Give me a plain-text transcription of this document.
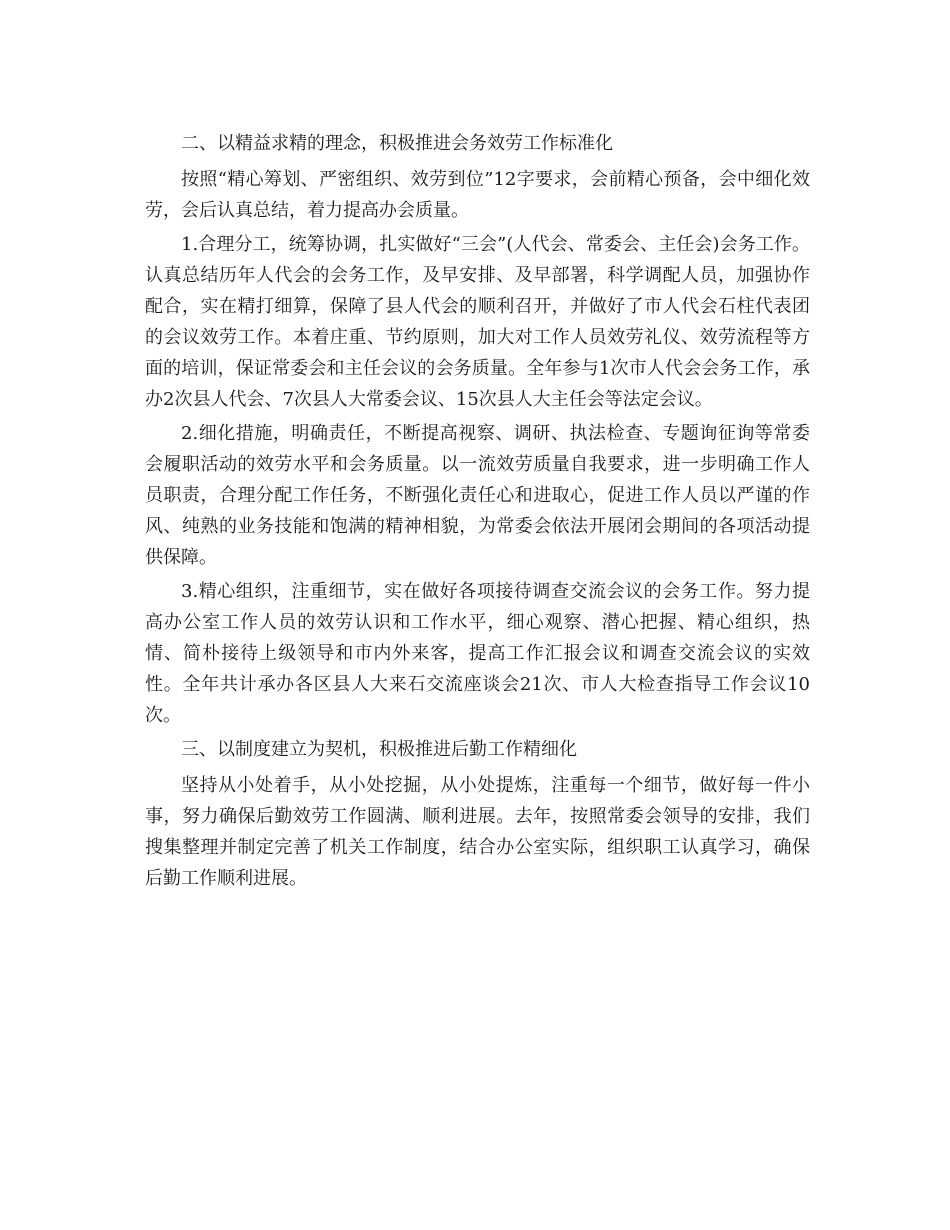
二、以精益求精的理念，积极推进会务效劳工作标准化

按照“精心筹划、严密组织、效劳到位”12字要求，会前精心预备，会中细化效劳，会后认真总结，着力提高办会质量。

1.合理分工，统筹协调，扎实做好“三会”(人代会、常委会、主任会)会务工作。认真总结历年人代会的会务工作，及早安排、及早部署，科学调配人员，加强协作配合，实在精打细算，保障了县人代会的顺利召开，并做好了市人代会石柱代表团的会议效劳工作。本着庄重、节约原则，加大对工作人员效劳礼仪、效劳流程等方面的培训，保证常委会和主任会议的会务质量。全年参与1次市人代会会务工作，承办2次县人代会、7次县人大常委会议、15次县人大主任会等法定会议。

2.细化措施，明确责任，不断提高视察、调研、执法检查、专题询征询等常委会履职活动的效劳水平和会务质量。以一流效劳质量自我要求，进一步明确工作人员职责，合理分配工作任务，不断强化责任心和进取心，促进工作人员以严谨的作风、纯熟的业务技能和饱满的精神相貌，为常委会依法开展闭会期间的各项活动提供保障。

3.精心组织，注重细节，实在做好各项接待调查交流会议的会务工作。努力提高办公室工作人员的效劳认识和工作水平，细心观察、潜心把握、精心组织，热情、简朴接待上级领导和市内外来客，提高工作汇报会议和调查交流会议的实效性。全年共计承办各区县人大来石交流座谈会21次、市人大检查指导工作会议10次。

三、以制度建立为契机，积极推进后勤工作精细化

坚持从小处着手，从小处挖掘，从小处提炼，注重每一个细节，做好每一件小事，努力确保后勤效劳工作圆满、顺利进展。去年，按照常委会领导的安排，我们搜集整理并制定完善了机关工作制度，结合办公室实际，组织职工认真学习，确保后勤工作顺利进展。
